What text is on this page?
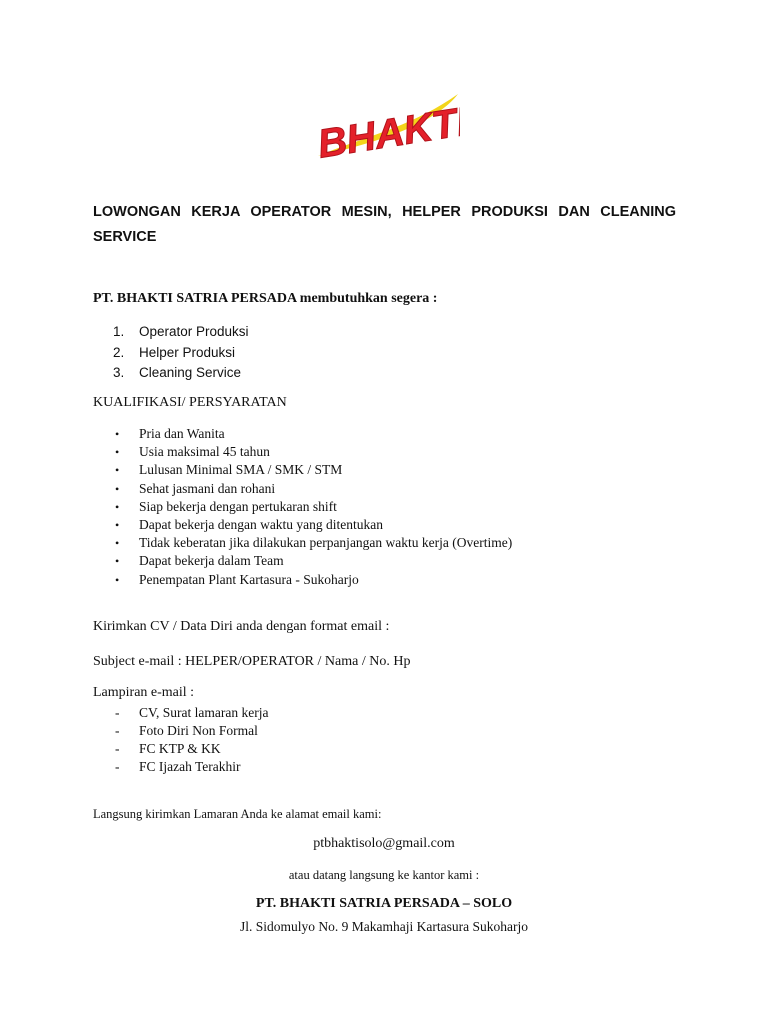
BHAKTI
LOWONGAN KERJA OPERATOR MESIN, HELPER PRODUKSI DAN CLEANING SERVICE
PT. BHAKTI SATRIA PERSADA membutuhkan segera :
1. Operator Produksi
2. Helper Produksi
3. Cleaning Service
KUALIFIKASI/ PERSYARATAN
• Pria dan Wanita
• Usia maksimal 45 tahun
• Lulusan Minimal SMA / SMK / STM
• Sehat jasmani dan rohani
• Siap bekerja dengan pertukaran shift
• Dapat bekerja dengan waktu yang ditentukan
• Tidak keberatan jika dilakukan perpanjangan waktu kerja (Overtime)
• Dapat bekerja dalam Team
• Penempatan Plant Kartasura - Sukoharjo
Kirimkan CV / Data Diri anda dengan format email :
Subject e-mail : HELPER/OPERATOR / Nama / No. Hp
Lampiran e-mail :
- CV, Surat lamaran kerja
- Foto Diri Non Formal
- FC KTP & KK
- FC Ijazah Terakhir
Langsung kirimkan Lamaran Anda ke alamat email kami:
ptbhaktisolo@gmail.com
atau datang langsung ke kantor kami :
PT. BHAKTI SATRIA PERSADA – SOLO
Jl. Sidomulyo No. 9 Makamhaji Kartasura Sukoharjo
